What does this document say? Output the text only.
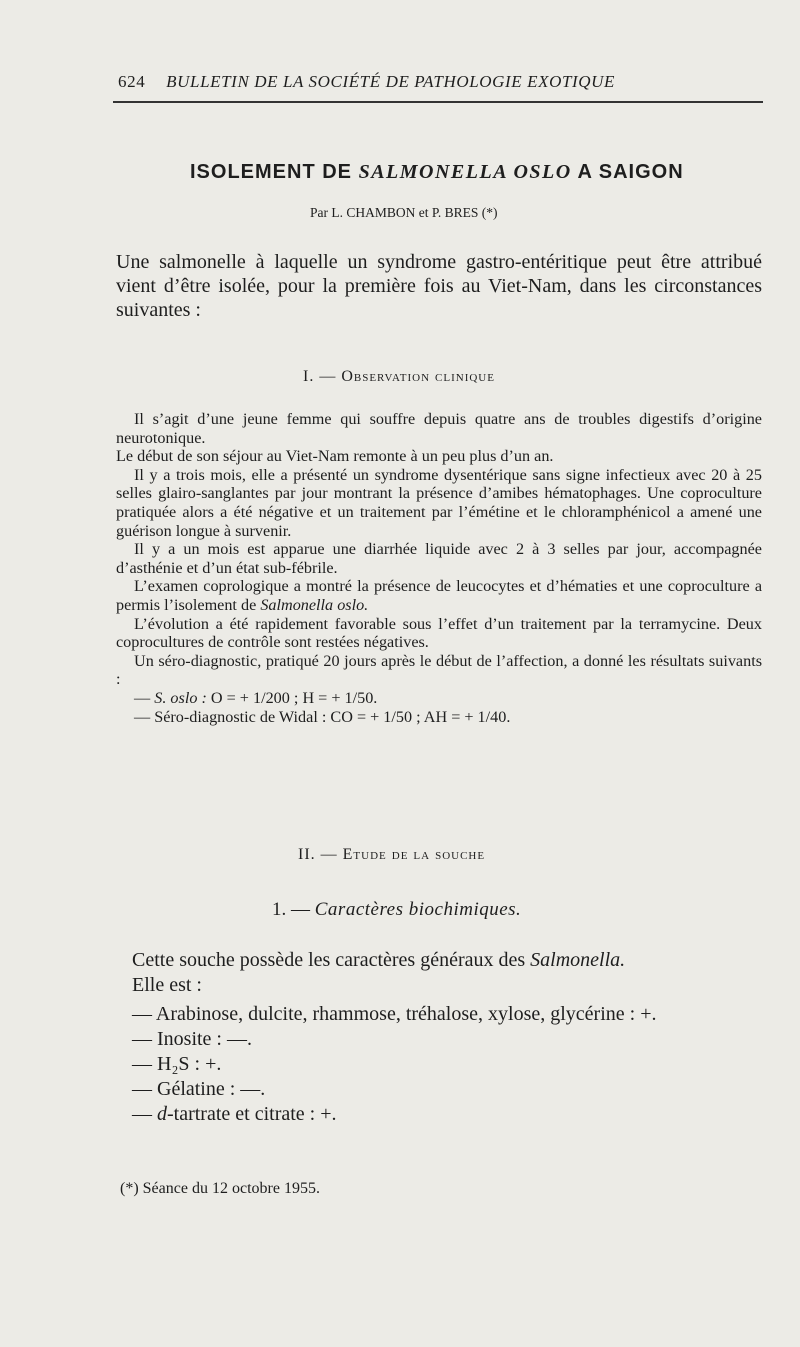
624 BULLETIN DE LA SOCIÉTÉ DE PATHOLOGIE EXOTIQUE
ISOLEMENT DE SALMONELLA OSLO A SAIGON
Par L. CHAMBON et P. BRES (*)
Une salmonelle à laquelle un syndrome gastro-entéritique peut être attribué vient d’être isolée, pour la première fois au Viet-Nam, dans les circonstances suivantes :
I. — Observation clinique

Il s’agit d’une jeune femme qui souffre depuis quatre ans de troubles digestifs d’origine neurotonique.

Le début de son séjour au Viet-Nam remonte à un peu plus d’un an.

Il y a trois mois, elle a présenté un syndrome dysentérique sans signe infectieux avec 20 à 25 selles glairo-sanglantes par jour montrant la présence d’amibes hématophages. Une coproculture pratiquée alors a été négative et un traitement par l’émétine et le chloramphénicol a amené une guérison longue à survenir.

Il y a un mois est apparue une diarrhée liquide avec 2 à 3 selles par jour, accompagnée d’asthénie et d’un état sub-fébrile.

L’examen coprologique a montré la présence de leucocytes et d’hématies et une coproculture a permis l’isolement de Salmonella oslo.

L’évolution a été rapidement favorable sous l’effet d’un traitement par la terramycine. Deux coprocultures de contrôle sont restées négatives.

Un séro-diagnostic, pratiqué 20 jours après le début de l’affection, a donné les résultats suivants :

— S. oslo : O = + 1/200 ; H = + 1/50.

— Séro-diagnostic de Widal : CO = + 1/50 ; AH = + 1/40.

II. — Etude de la souche
1. — Caractères biochimiques.

Cette souche possède les caractères généraux des Salmonella.

Elle est :

— Arabinose, dulcite, rhammose, tréhalose, xylose, glycérine : +.

— Inosite : —.

— H₂S : +.

— Gélatine : —.

— d-tartrate et citrate : +.

(*) Séance du 12 octobre 1955.
